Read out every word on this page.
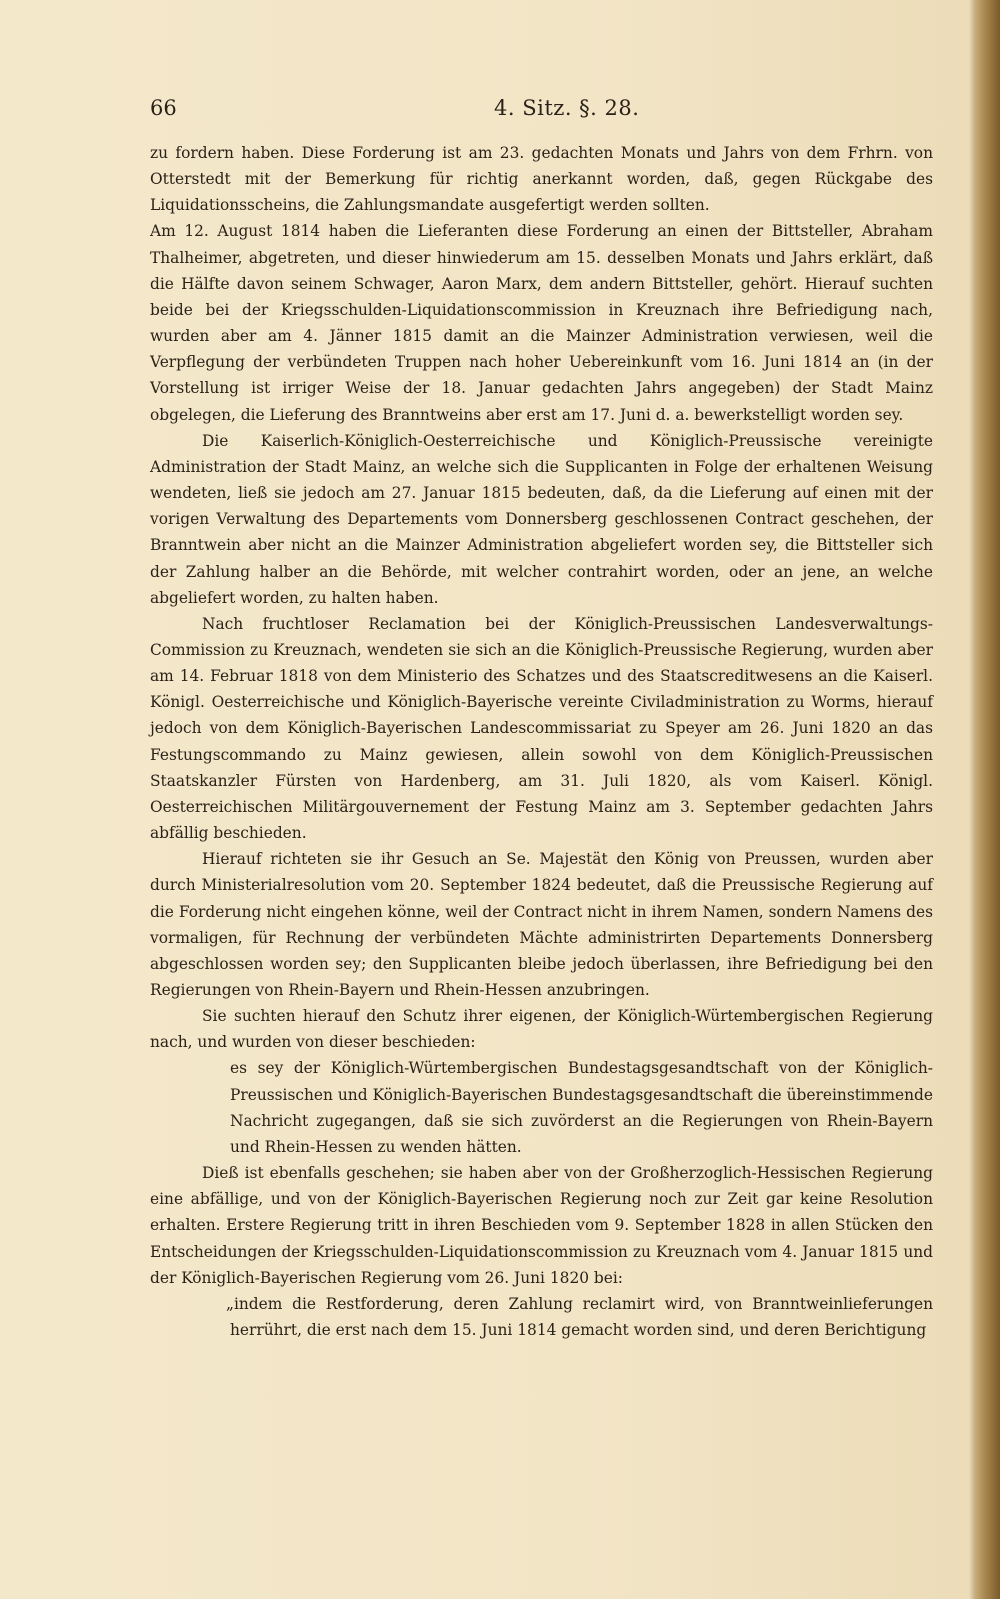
66	4. Sitz. §. 28.

zu fordern haben. Diese Forderung ist am 23. gedachten Monats und Jahrs von dem Frhrn. von Otterstedt mit der Bemerkung für richtig anerkannt worden, daß, gegen Rückgabe des Liquidationsscheins, die Zahlungsmandate ausgefertigt werden sollten.

Am 12. August 1814 haben die Lieferanten diese Forderung an einen der Bittsteller, Abraham Thalheimer, abgetreten, und dieser hinwiederum am 15. desselben Monats und Jahrs erklärt, daß die Hälfte davon seinem Schwager, Aaron Marx, dem andern Bittsteller, gehört. Hierauf suchten beide bei der Kriegsschulden-Liquidationscommission in Kreuznach ihre Befriedigung nach, wurden aber am 4. Jänner 1815 damit an die Mainzer Administration verwiesen, weil die Verpflegung der verbündeten Truppen nach hoher Uebereinkunft vom 16. Juni 1814 an (in der Vorstellung ist irriger Weise der 18. Januar gedachten Jahrs angegeben) der Stadt Mainz obgelegen, die Lieferung des Branntweins aber erst am 17. Juni d. a. bewerkstelligt worden sey.

Die Kaiserlich-Königlich-Oesterreichische und Königlich-Preussische vereinigte Administration der Stadt Mainz, an welche sich die Supplicanten in Folge der erhaltenen Weisung wendeten, ließ sie jedoch am 27. Januar 1815 bedeuten, daß, da die Lieferung auf einen mit der vorigen Verwaltung des Departements vom Donnersberg geschlossenen Contract geschehen, der Branntwein aber nicht an die Mainzer Administration abgeliefert worden sey, die Bittsteller sich der Zahlung halber an die Behörde, mit welcher contrahirt worden, oder an jene, an welche abgeliefert worden, zu halten haben.

Nach fruchtloser Reclamation bei der Königlich-Preussischen Landesverwaltungs-Commission zu Kreuznach, wendeten sie sich an die Königlich-Preussische Regierung, wurden aber am 14. Februar 1818 von dem Ministerio des Schatzes und des Staatscreditwesens an die Kaiserl. Königl. Oesterreichische und Königlich-Bayerische vereinte Civiladministration zu Worms, hierauf jedoch von dem Königlich-Bayerischen Landescommissariat zu Speyer am 26. Juni 1820 an das Festungscommando zu Mainz gewiesen, allein sowohl von dem Königlich-Preussischen Staatskanzler Fürsten von Hardenberg, am 31. Juli 1820, als vom Kaiserl. Königl. Oesterreichischen Militärgouvernement der Festung Mainz am 3. September gedachten Jahrs abfällig beschieden.

Hierauf richteten sie ihr Gesuch an Se. Majestät den König von Preussen, wurden aber durch Ministerialresolution vom 20. September 1824 bedeutet, daß die Preussische Regierung auf die Forderung nicht eingehen könne, weil der Contract nicht in ihrem Namen, sondern Namens des vormaligen, für Rechnung der verbündeten Mächte administrirten Departements Donnersberg abgeschlossen worden sey; den Supplicanten bleibe jedoch überlassen, ihre Befriedigung bei den Regierungen von Rhein-Bayern und Rhein-Hessen anzubringen.

Sie suchten hierauf den Schutz ihrer eigenen, der Königlich-Würtembergischen Regierung nach, und wurden von dieser beschieden:

es sey der Königlich-Würtembergischen Bundestagsgesandtschaft von der Königlich-Preussischen und Königlich-Bayerischen Bundestagsgesandtschaft die übereinstimmende Nachricht zugegangen, daß sie sich zuvörderst an die Regierungen von Rhein-Bayern und Rhein-Hessen zu wenden hätten.

Dieß ist ebenfalls geschehen; sie haben aber von der Großherzoglich-Hessischen Regierung eine abfällige, und von der Königlich-Bayerischen Regierung noch zur Zeit gar keine Resolution erhalten. Erstere Regierung tritt in ihren Beschieden vom 9. September 1828 in allen Stücken den Entscheidungen der Kriegsschulden-Liquidationscommission zu Kreuznach vom 4. Januar 1815 und der Königlich-Bayerischen Regierung vom 26. Juni 1820 bei:

„indem die Restforderung, deren Zahlung reclamirt wird, von Branntweinlieferungen herrührt, die erst nach dem 15. Juni 1814 gemacht worden sind, und deren Berichtigung
